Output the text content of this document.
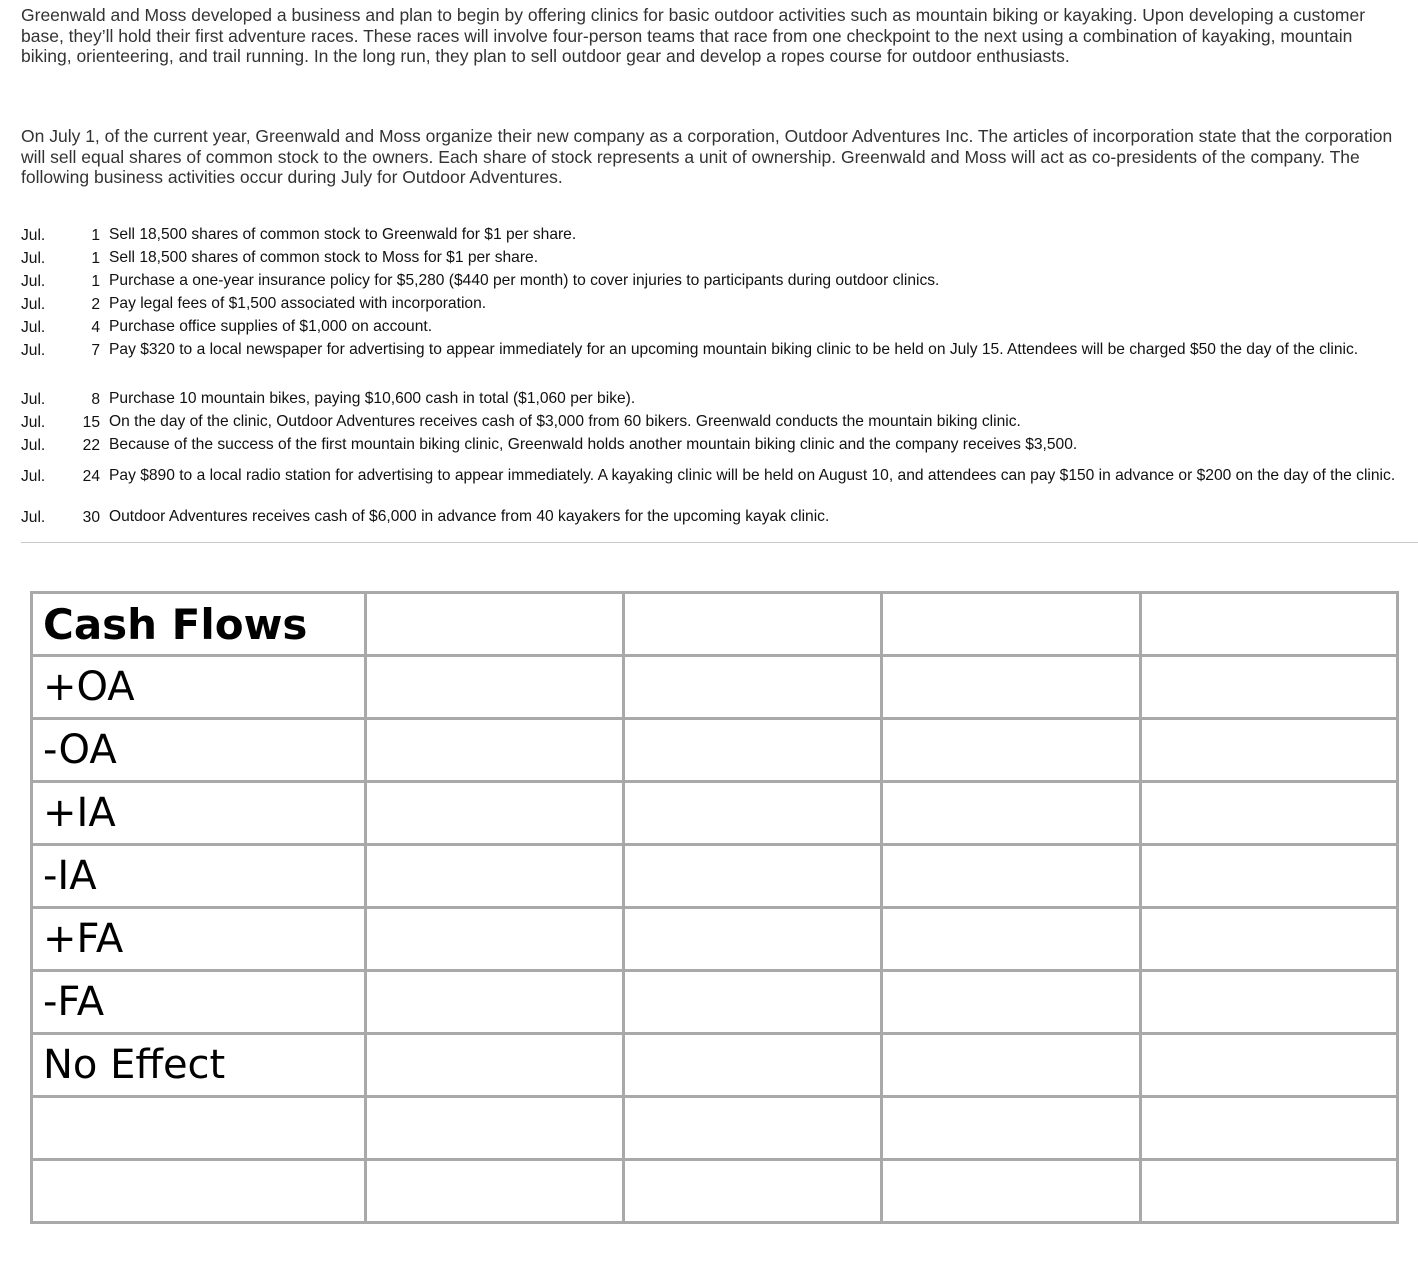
Greenwald and Moss developed a business and plan to begin by offering clinics for basic outdoor activities such as mountain biking or kayaking. Upon developing a customer base, they’ll hold their first adventure races. These races will involve four-person teams that race from one checkpoint to the next using a combination of kayaking, mountain biking, orienteering, and trail running. In the long run, they plan to sell outdoor gear and develop a ropes course for outdoor enthusiasts.

On July 1, of the current year, Greenwald and Moss organize their new company as a corporation, Outdoor Adventures Inc. The articles of incorporation state that the corporation will sell equal shares of common stock to the owners. Each share of stock represents a unit of ownership. Greenwald and Moss will act as co-presidents of the company. The following business activities occur during July for Outdoor Adventures.

Jul.	1 Sell 18,500 shares of common stock to Greenwald for $1 per share.
Jul.	1 Sell 18,500 shares of common stock to Moss for $1 per share.
Jul.	1 Purchase a one-year insurance policy for $5,280 ($440 per month) to cover injuries to participants during outdoor clinics.
Jul.	2 Pay legal fees of $1,500 associated with incorporation.
Jul.	4 Purchase office supplies of $1,000 on account.
Jul.	7 Pay $320 to a local newspaper for advertising to appear immediately for an upcoming mountain biking clinic to be held on July 15. Attendees will be charged $50 the day of the clinic.
Jul.	8 Purchase 10 mountain bikes, paying $10,600 cash in total ($1,060 per bike).
Jul.	15 On the day of the clinic, Outdoor Adventures receives cash of $3,000 from 60 bikers. Greenwald conducts the mountain biking clinic.
Jul.	22 Because of the success of the first mountain biking clinic, Greenwald holds another mountain biking clinic and the company receives $3,500.
Jul.	24 Pay $890 to a local radio station for advertising to appear immediately. A kayaking clinic will be held on August 10, and attendees can pay $150 in advance or $200 on the day of the clinic.
Jul.	30 Outdoor Adventures receives cash of $6,000 in advance from 40 kayakers for the upcoming kayak clinic.
Cash Flows				
+OA				
-OA				
+IA				
-IA				
+FA				
-FA				
No Effect				
